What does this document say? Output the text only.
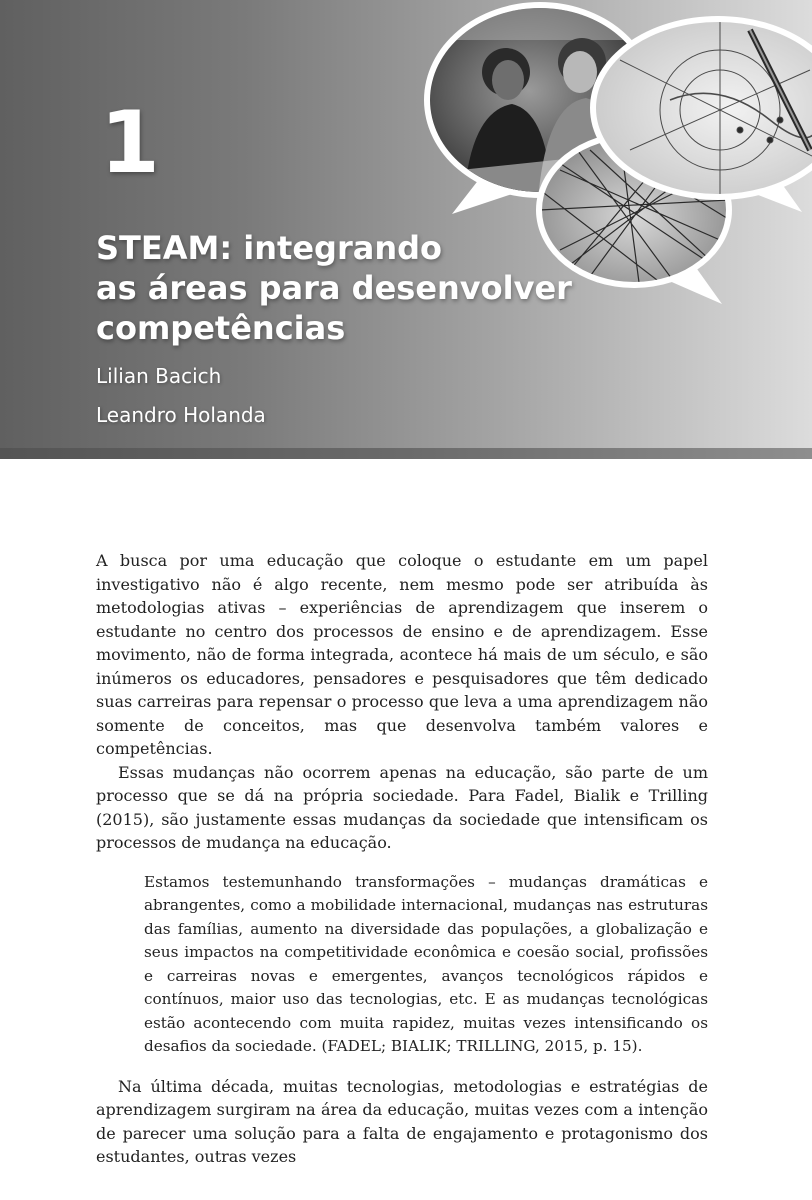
1
STEAM: integrando
as áreas para desenvolver
competências
Lilian Bacich
Leandro Holanda

A busca por uma educação que coloque o estudante em um papel investigativo não é algo recente, nem mesmo pode ser atribuída às metodologias ativas – experiências de aprendizagem que inserem o estudante no centro dos processos de ensino e de aprendizagem. Esse movimento, não de forma integrada, acontece há mais de um século, e são inúmeros os educadores, pensadores e pesquisadores que têm dedicado suas carreiras para repensar o processo que leva a uma aprendizagem não somente de conceitos, mas que desenvolva também valores e competências.

Essas mudanças não ocorrem apenas na educação, são parte de um processo que se dá na própria sociedade. Para Fadel, Bialik e Trilling (2015), são justamente essas mudanças da sociedade que intensificam os processos de mudança na educação.

Estamos testemunhando transformações – mudanças dramáticas e abrangentes, como a mobilidade internacional, mudanças nas estruturas das famílias, aumento na diversidade das populações, a globalização e seus impactos na competitividade econômica e coesão social, profissões e carreiras novas e emergentes, avanços tecnológicos rápidos e contínuos, maior uso das tecnologias, etc. E as mudanças tecnológicas estão acontecendo com muita rapidez, muitas vezes intensificando os desafios da sociedade. (FADEL; BIALIK; TRILLING, 2015, p. 15).

Na última década, muitas tecnologias, metodologias e estratégias de aprendizagem surgiram na área da educação, muitas vezes com a intenção de parecer uma solução para a falta de engajamento e protagonismo dos estudantes, outras vezes
